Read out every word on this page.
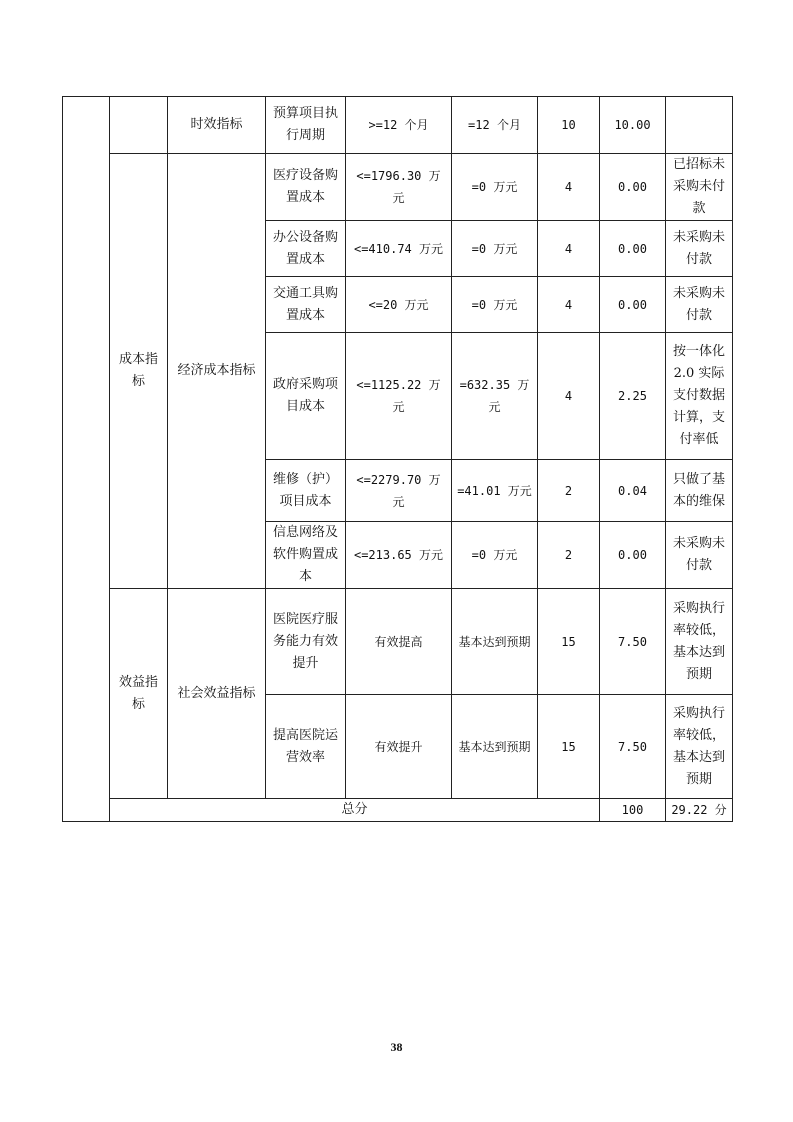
		时效指标	预算项目执行周期	>=12 个月	=12 个月	10	10.00		
	成本指标	经济成本指标	医疗设备购置成本	<=1796.30 万元	=0 万元	4	0.00	已招标未采购未付款	
			办公设备购置成本	<=410.74 万元	=0 万元	4	0.00	未采购未付款	
			交通工具购置成本	<=20 万元	=0 万元	4	0.00	未采购未付款	
			政府采购项目成本	<=1125.22 万元	=632.35 万元	4	2.25	按一体化 2.0 实际支付数据计算，支付率低	
			维修（护）项目成本	<=2279.70 万元	=41.01 万元	2	0.04	只做了基本的维保	
			信息网络及软件购置成本	<=213.65 万元	=0 万元	2	0.00	未采购未付款	
	效益指标	社会效益指标	医院医疗服务能力有效提升	有效提高	基本达到预期	15	7.50	采购执行率较低，基本达到预期	
			提高医院运营效率	有效提升	基本达到预期	15	7.50	采购执行率较低，基本达到预期	
	总分						100	29.22 分	
38
